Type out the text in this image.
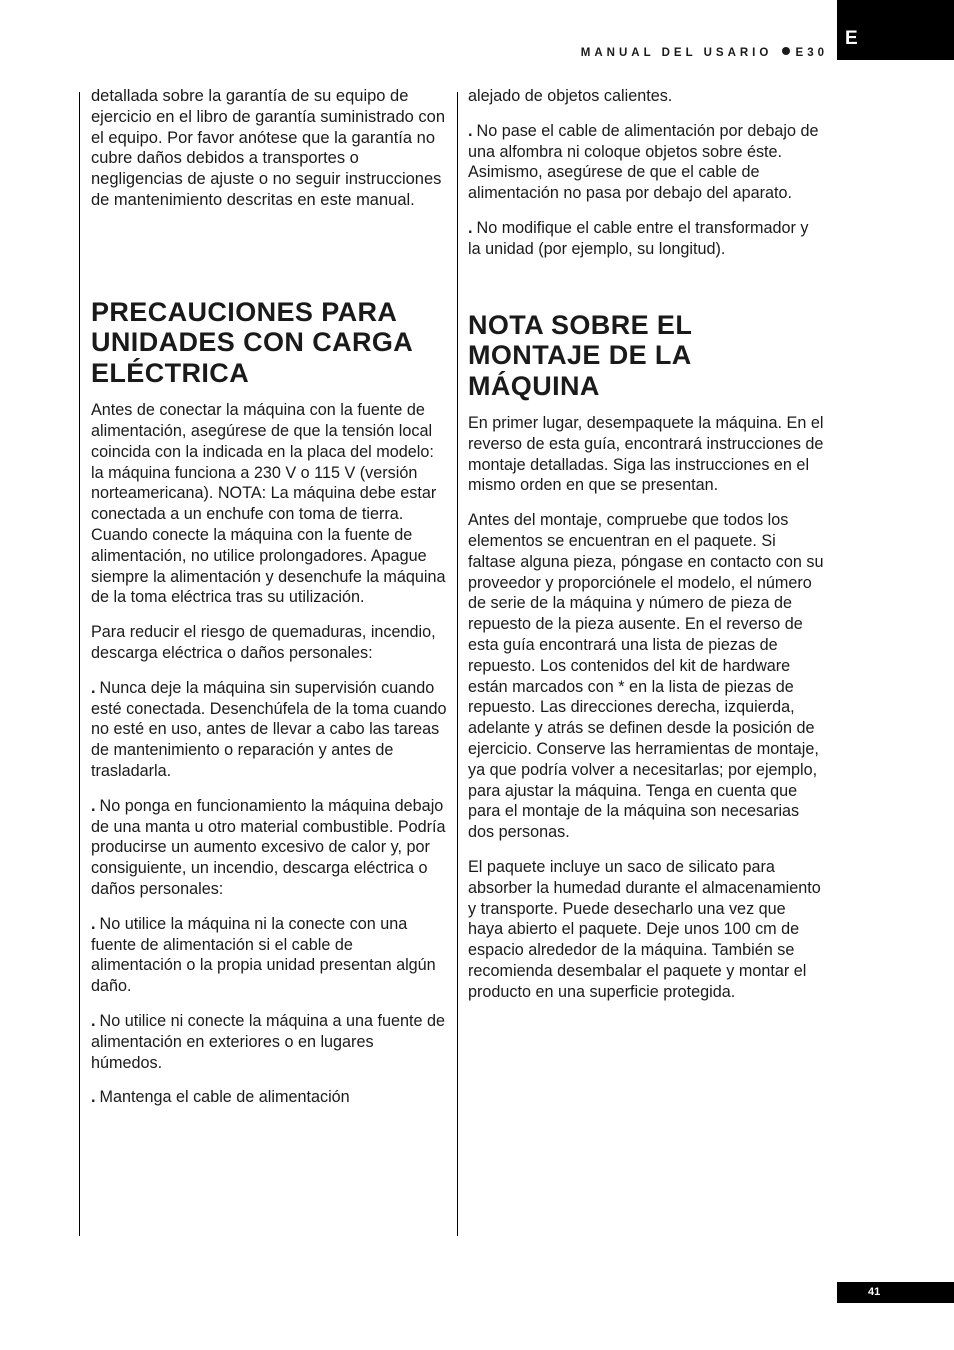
MANUAL DEL USARIO E30
E

detallada sobre la garantía de su equipo de ejercicio en el libro de garantía suministrado con el equipo. Por favor anótese que la garantía no cubre daños debidos a transportes o negligencias de ajuste o no seguir instrucciones de mantenimiento descritas en este manual.

PRECAUCIONES PARA UNIDADES CON CARGA ELÉCTRICA

Antes de conectar la máquina con la fuente de alimentación, asegúrese de que la tensión local coincida con la indicada en la placa del modelo: la máquina funciona a 230 V o 115 V (versión norteamericana). NOTA: La máquina debe estar conectada a un enchufe con toma de tierra. Cuando conecte la máquina con la fuente de alimentación, no utilice prolongadores. Apague siempre la alimentación y desenchufe la máquina de la toma eléctrica tras su utilización.

Para reducir el riesgo de quemaduras, incendio, descarga eléctrica o daños personales:

. Nunca deje la máquina sin supervisión cuando esté conectada. Desenchúfela de la toma cuando no esté en uso, antes de llevar a cabo las tareas de mantenimiento o reparación y antes de trasladarla.

. No ponga en funcionamiento la máquina debajo de una manta u otro material combustible. Podría producirse un aumento excesivo de calor y, por consiguiente, un incendio, descarga eléctrica o daños personales:

. No utilice la máquina ni la conecte con una fuente de alimentación si el cable de alimentación o la propia unidad presentan algún daño.

. No utilice ni conecte la máquina a una fuente de alimentación en exteriores o en lugares húmedos.

. Mantenga el cable de alimentación

alejado de objetos calientes.

. No pase el cable de alimentación por debajo de una alfombra ni coloque objetos sobre éste. Asimismo, asegúrese de que el cable de alimentación no pasa por debajo del aparato.

. No modifique el cable entre el transformador y la unidad (por ejemplo, su longitud).

NOTA SOBRE EL MONTAJE DE LA MÁQUINA

En primer lugar, desempaquete la máquina. En el reverso de esta guía, encontrará instrucciones de montaje detalladas. Siga las instrucciones en el mismo orden en que se presentan.

Antes del montaje, compruebe que todos los elementos se encuentran en el paquete. Si faltase alguna pieza, póngase en contacto con su proveedor y proporciónele el modelo, el número de serie de la máquina y número de pieza de repuesto de la pieza ausente. En el reverso de esta guía encontrará una lista de piezas de repuesto. Los contenidos del kit de hardware están marcados con * en la lista de piezas de repuesto. Las direcciones derecha, izquierda, adelante y atrás se definen desde la posición de ejercicio. Conserve las herramientas de montaje, ya que podría volver a necesitarlas; por ejemplo, para ajustar la máquina. Tenga en cuenta que para el montaje de la máquina son necesarias dos personas.

El paquete incluye un saco de silicato para absorber la humedad durante el almacenamiento y transporte. Puede desecharlo una vez que haya abierto el paquete. Deje unos 100 cm de espacio alrededor de la máquina. También se recomienda desembalar el paquete y montar el producto en una superficie protegida.

41
